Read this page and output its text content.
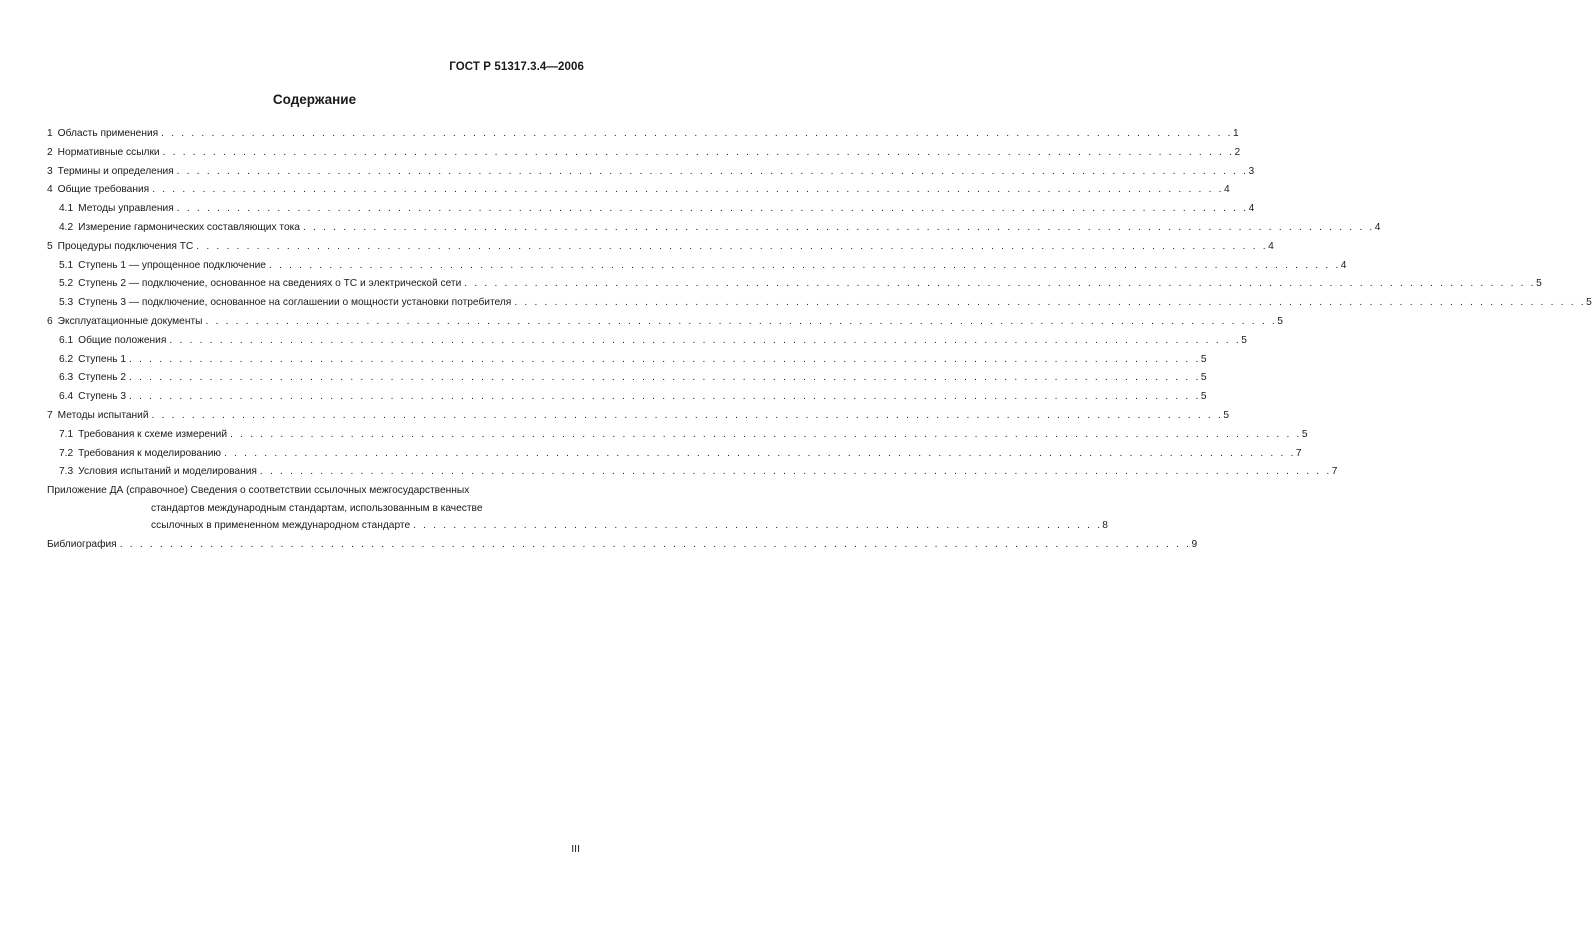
ГОСТ Р 51317.3.4—2006
Содержание
1 Область применения . . .	1
2 Нормативные ссылки . . .	2
3 Термины и определения . . .	3
4 Общие требования . . .	4
4.1 Методы управления . . .	4
4.2 Измерение гармонических составляющих тока . . .	4
5 Процедуры подключения ТС . . .	4
5.1 Ступень 1 — упрощенное подключение . . .	4
5.2 Ступень 2 — подключение, основанное на сведениях о ТС и электрической сети . . .	5
5.3 Ступень 3 — подключение, основанное на соглашении о мощности установки потребителя . . .	5
6 Эксплуатационные документы . . .	5
6.1 Общие положения . . .	5
6.2 Ступень 1 . . .	5
6.3 Ступень 2 . . .	5
6.4 Ступень 3 . . .	5
7 Методы испытаний . . .	5
7.1 Требования к схеме измерений . . .	5
7.2 Требования к моделированию . . .	7
7.3 Условия испытаний и моделирования . . .	7
Приложение ДА (справочное) Сведения о соответствии ссылочных межгосударственных
стандартов международным стандартам, использованным в качестве
ссылочных в примененном международном стандарте . . .	8
Библиография . . .	9
III
